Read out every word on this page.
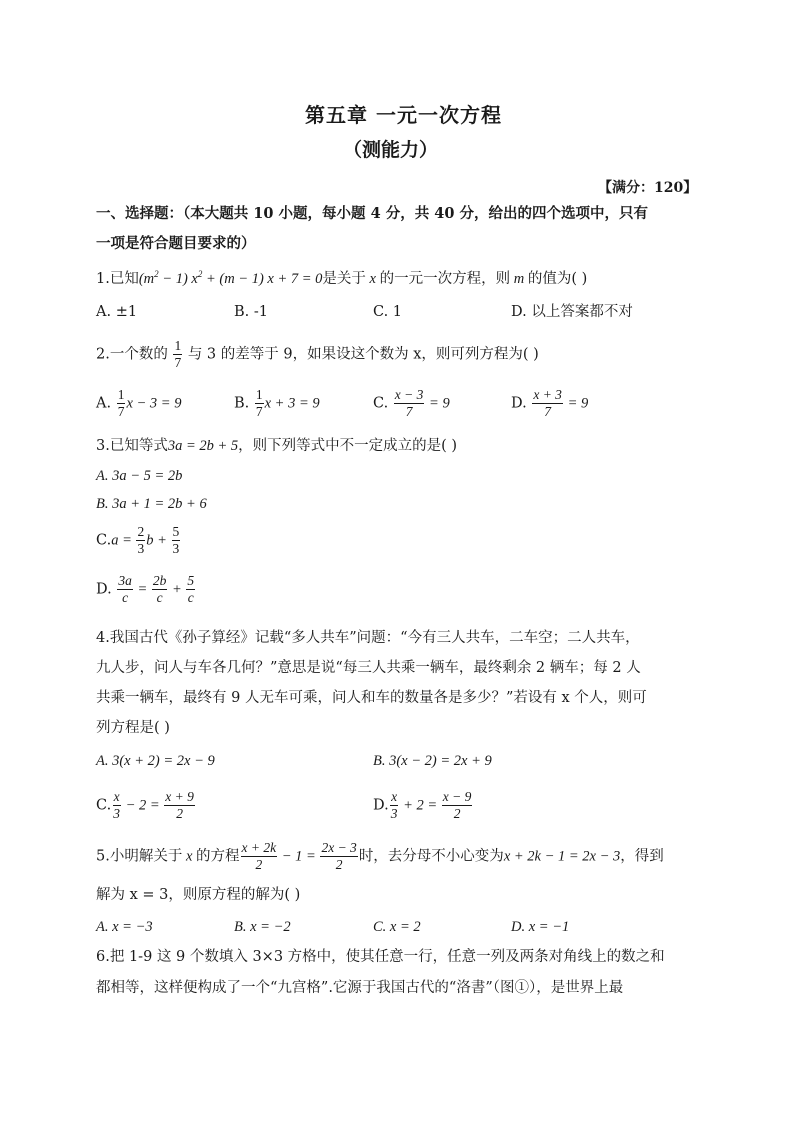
第五章 一元一次方程
（测能力）
【满分：120】
一、选择题：（本大题共 10 小题，每小题 4 分，共 40 分，给出的四个选项中，只有
一项是符合题目要求的）
1.已知$(m^2 - 1) x^2 + (m - 1) x + 7 = 0$是关于 x 的一元一次方程，则 m 的值为( )
A. ±1	B. -1	C. 1	D. 以上答案都不对
2.一个数的 $\frac{1}{7}$ 与 3 的差等于 9，如果设这个数为 x，则可列方程为( )
A. $\frac{1}{7}$ x − 3 = 9	B. $\frac{1}{7}$ x + 3 = 9	C. $\frac{x - 3}{7} = 9$	D. $\frac{x + 3}{7} = 9$
3.已知等式3a = 2b + 5，则下列等式中不一定成立的是( )
A. 3a − 5 = 2b
B. 3a + 1 = 2b + 6
$C.a = \frac{2}{3}$ $b + \frac{5}{3}$
D. $\frac{3a}{c} = \frac{2b}{c} + \frac{5}{c}$
4.我国古代《孙子算经》记载“多人共车”问题：“今有三人共车，二车空；二人共车，
九人步，问人与车各几何？”意思是说“每三人共乘一辆车，最终剩余 2 辆车；每 2 人
共乘一辆车，最终有 9 人无车可乘，问人和车的数量各是多少？”若设有 x 个人，则可
列方程是( )
A. 3(x + 2) = 2x − 9	B. 3(x − 2) = 2x + 9
C. $\frac{x}{3} - 2 = \frac{x + 9}{2}$	D. $\frac{x}{3} + 2 = \frac{x - 9}{2}$
5.小明解关于 x 的方程 $\frac{x + 2k}{2} - 1 = \frac{2x - 3}{2}$ 时，去分母不小心变为x + 2k − 1 = 2x − 3，得到
解为 x = 3，则原方程的解为( )
A. x = −3	B. x = −2	C. x = 2	D. x = −1
6.把 1-9 这 9 个数填入 3×3 方格中，使其任意一行，任意一列及两条对角线上的数之和
都相等，这样便构成了一个“九宫格”.它源于我国古代的“洛書”（图①），是世界上最
